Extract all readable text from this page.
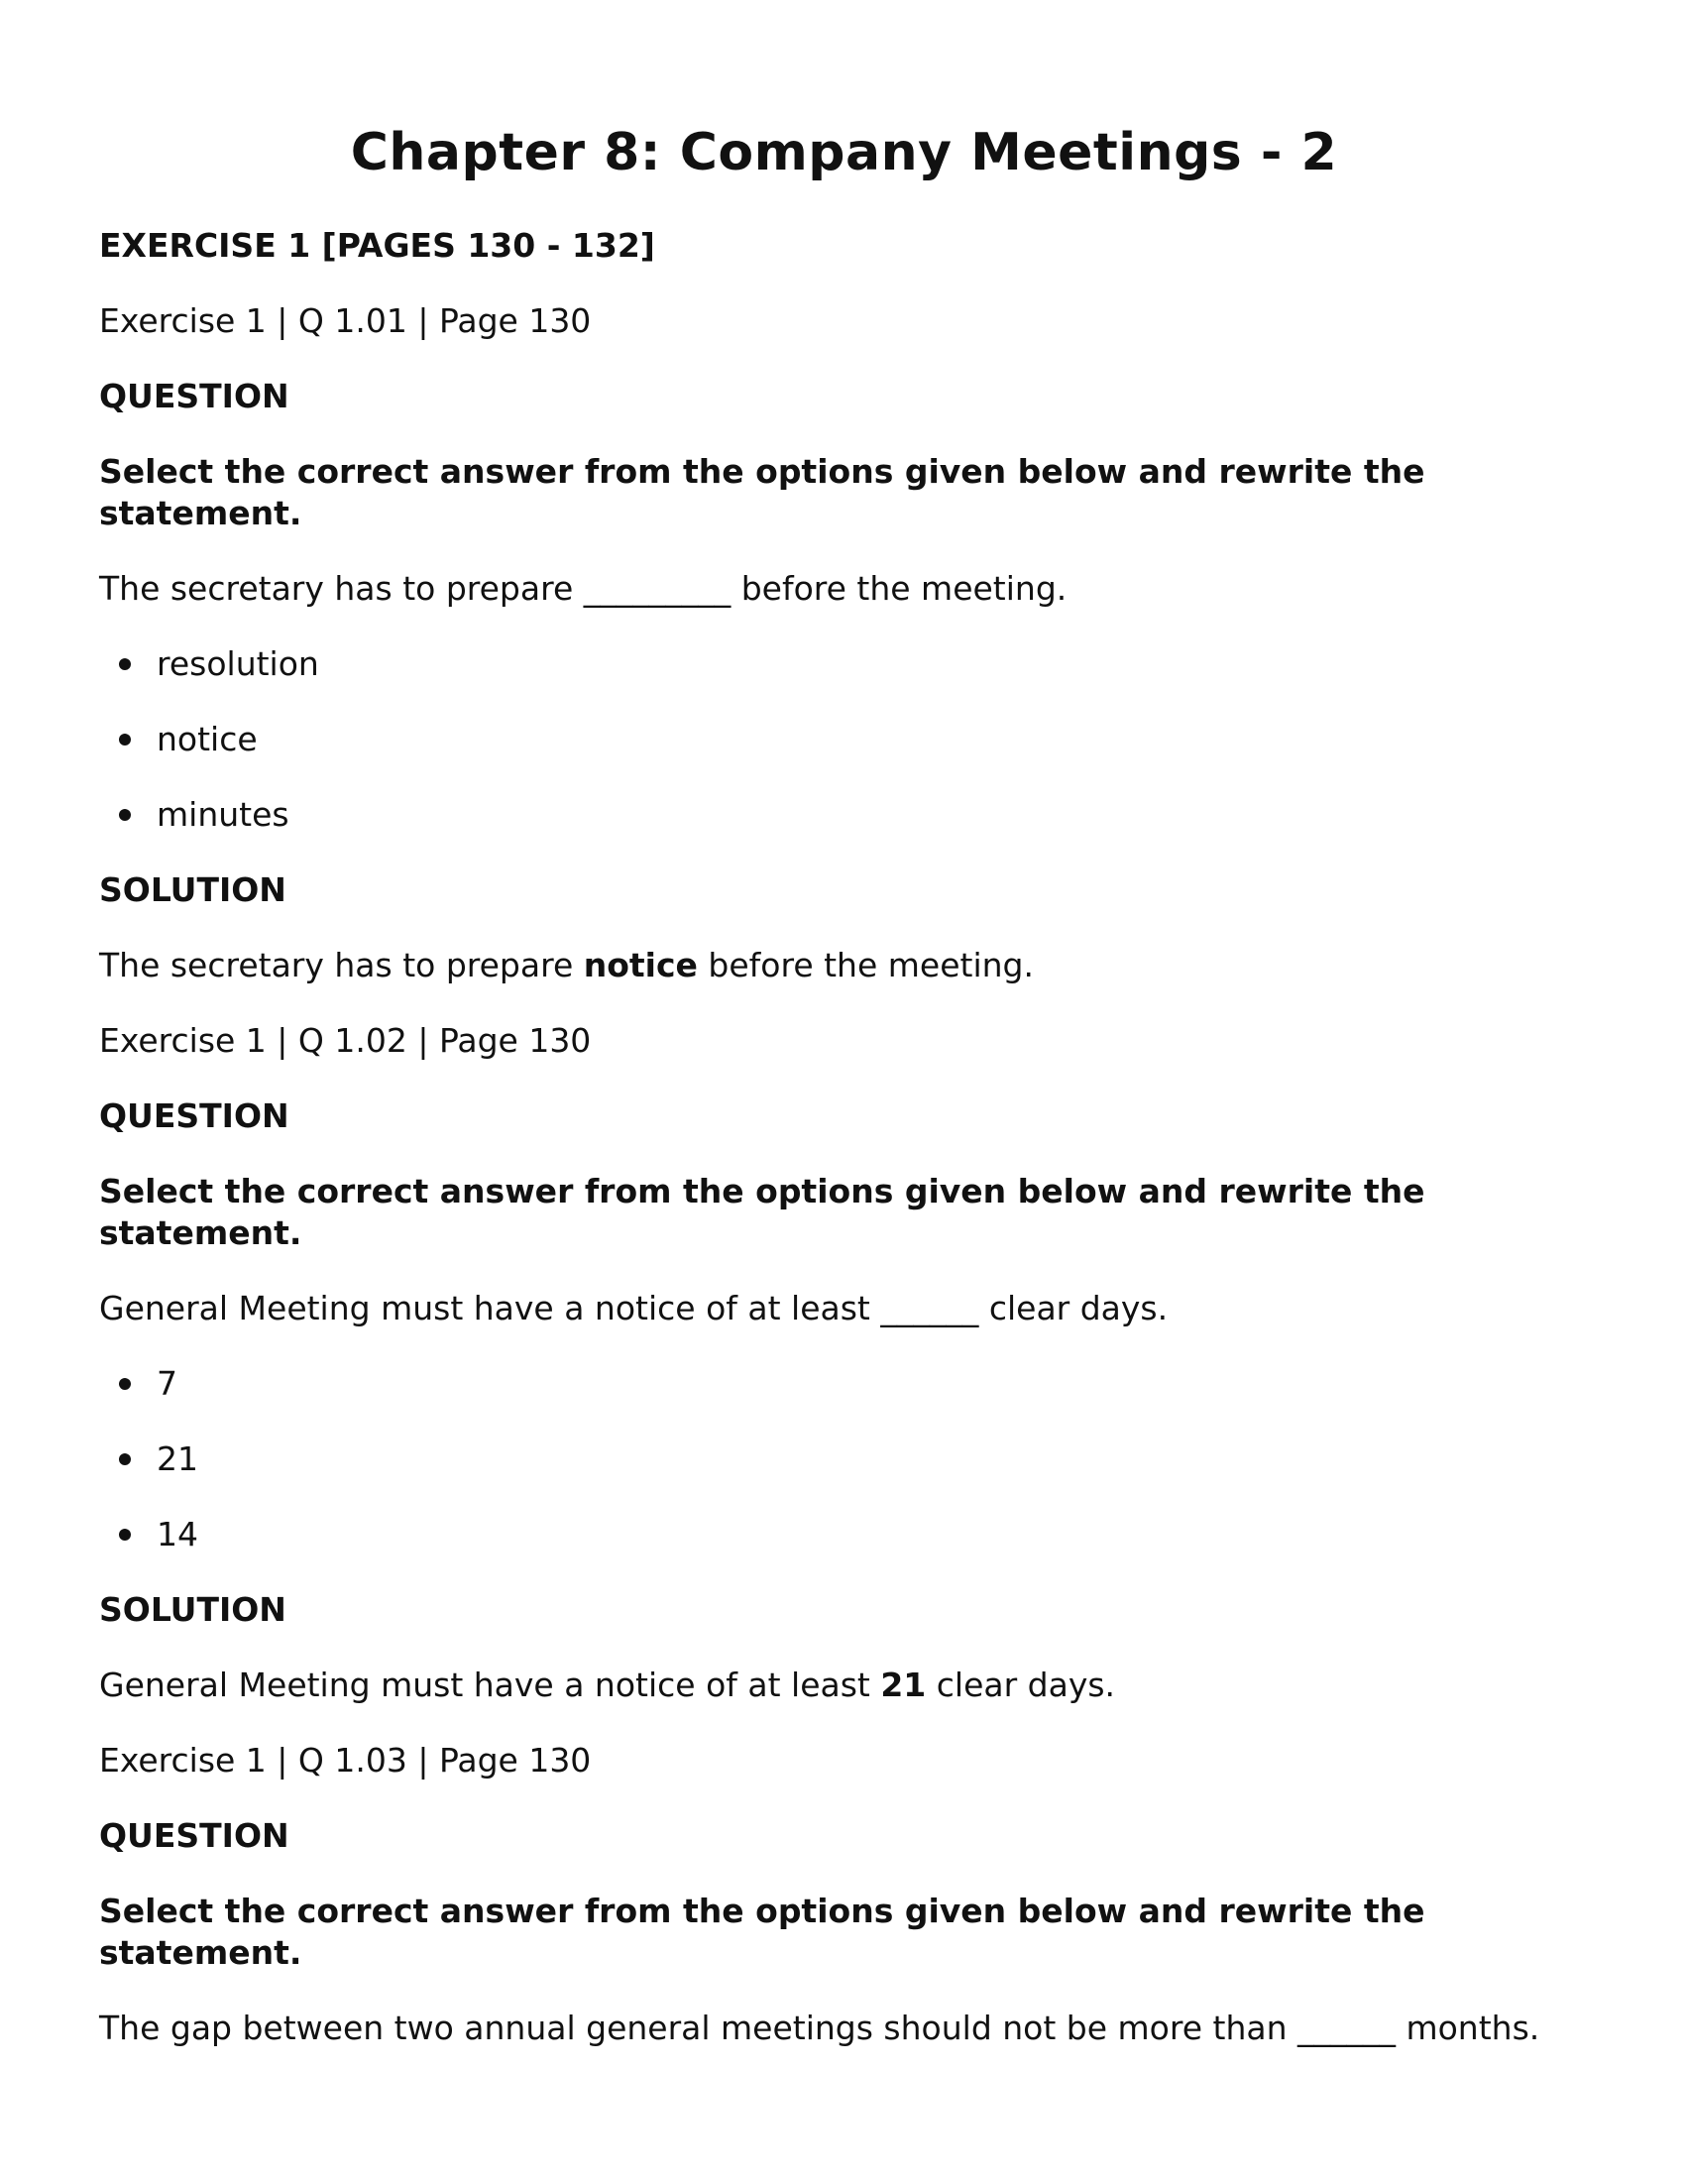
Chapter 8: Company Meetings - 2

EXERCISE 1 [PAGES 130 - 132]

Exercise 1 | Q 1.01 | Page 130

QUESTION

Select the correct answer from the options given below and rewrite the statement.

The secretary has to prepare _________ before the meeting.

resolution

notice

minutes

SOLUTION

The secretary has to prepare notice before the meeting.

Exercise 1 | Q 1.02 | Page 130

QUESTION

Select the correct answer from the options given below and rewrite the statement.

General Meeting must have a notice of at least ______ clear days.

7

21

14

SOLUTION

General Meeting must have a notice of at least 21 clear days.

Exercise 1 | Q 1.03 | Page 130

QUESTION

Select the correct answer from the options given below and rewrite the statement.

The gap between two annual general meetings should not be more than ______ months.
